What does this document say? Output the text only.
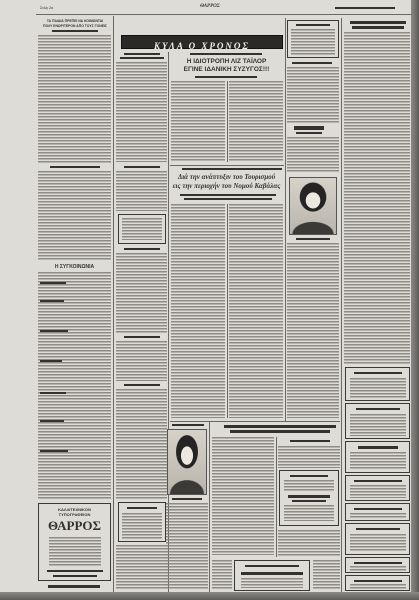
Σελίς 2α	ΘΑΡΡΟΣ
ΤΑ ΠΑΙΔΙΑ ΠΡΕΠΕΙ ΝΑ ΚΟΙΜΩΝΤΑΙ
ΠΟΛΥ ΕΝΩΡΙΤΕΡΟΝ ΑΠΟ ΤΟΥΣ ΓΟΝΕΙΣ
Η ΣΥΓΚΟΙΝΩΝΙΑ
ΚΑΛΛΙΤΕΧΝΙΚΟΝ
ΤΥΠΟΓΡΑΦΕΙΟΝ
ΘΑΡΡΟΣ
ΚΥΛΑ Ο ΧΡΟΝΟΣ
Η ΙΔΙΟΤΡΟΠΗ ΛΙΖ ΤΑΪΛΟΡ
ΕΓΙΝΕ ΙΔΑΝΙΚΗ ΣΥΖΥΓΟΣ!!!
Διά την ανάπτυξιν του Τουρισμού
εις την περιοχήν του Νομού Καβάλας
